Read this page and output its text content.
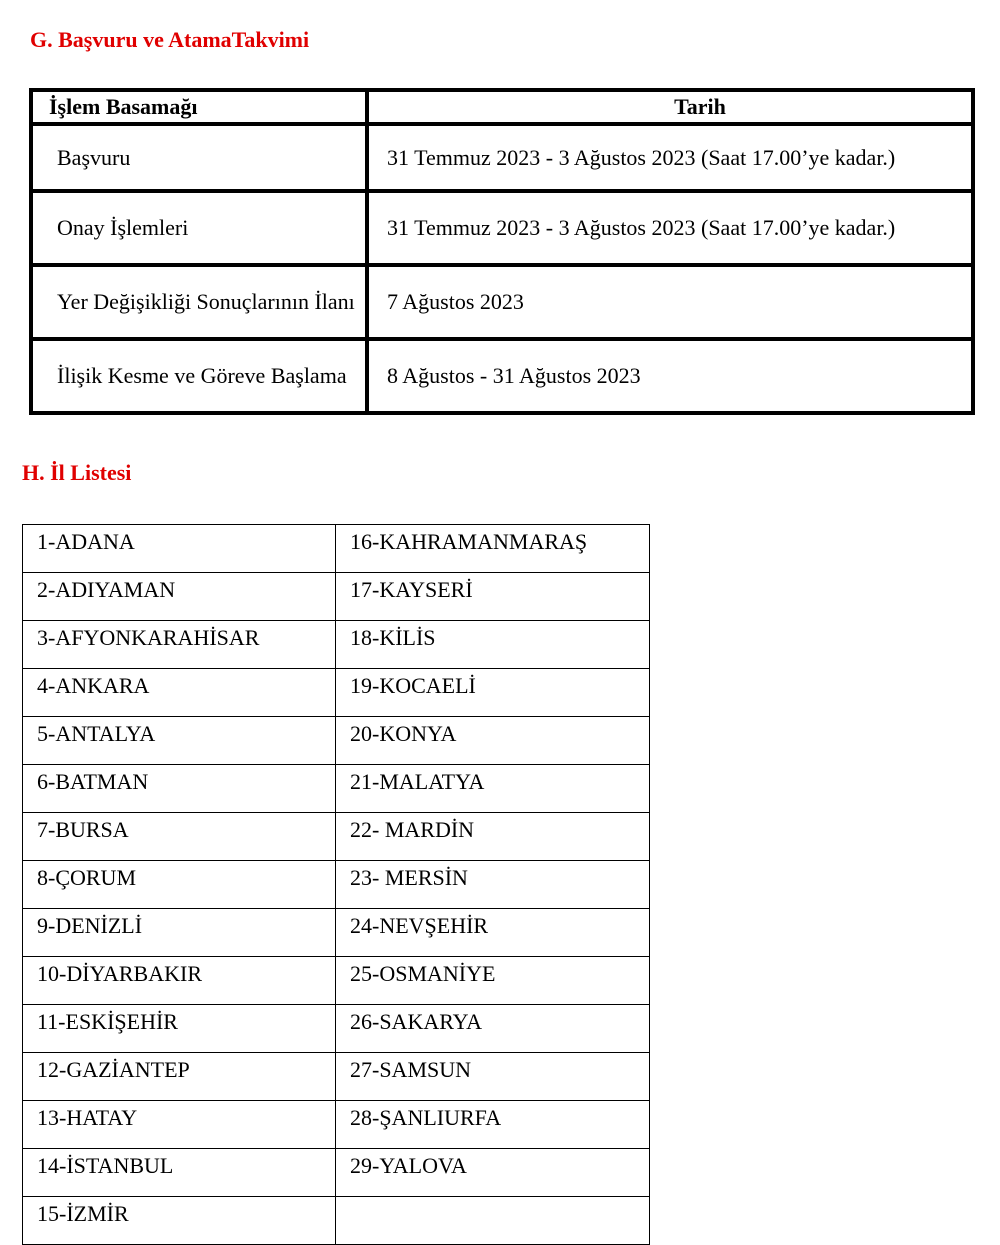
G. Başvuru ve AtamaTakvimi
İşlem Basamağı	Tarih
Başvuru	31 Temmuz 2023 - 3 Ağustos 2023 (Saat 17.00’ye kadar.)
Onay İşlemleri	31 Temmuz 2023 - 3 Ağustos 2023 (Saat 17.00’ye kadar.)
Yer Değişikliği Sonuçlarının İlanı	7 Ağustos 2023
İlişik Kesme ve Göreve Başlama	8 Ağustos - 31 Ağustos 2023
H. İl Listesi
1-ADANA	16-KAHRAMANMARAŞ
2-ADIYAMAN	17-KAYSERİ
3-AFYONKARAHİSAR	18-KİLİS
4-ANKARA	19-KOCAELİ
5-ANTALYA	20-KONYA
6-BATMAN	21-MALATYA
7-BURSA	22- MARDİN
8-ÇORUM	23- MERSİN
9-DENİZLİ	24-NEVŞEHİR
10-DİYARBAKIR	25-OSMANİYE
11-ESKİŞEHİR	26-SAKARYA
12-GAZİANTEP	27-SAMSUN
13-HATAY	28-ŞANLIURFA
14-İSTANBUL	29-YALOVA
15-İZMİR	
